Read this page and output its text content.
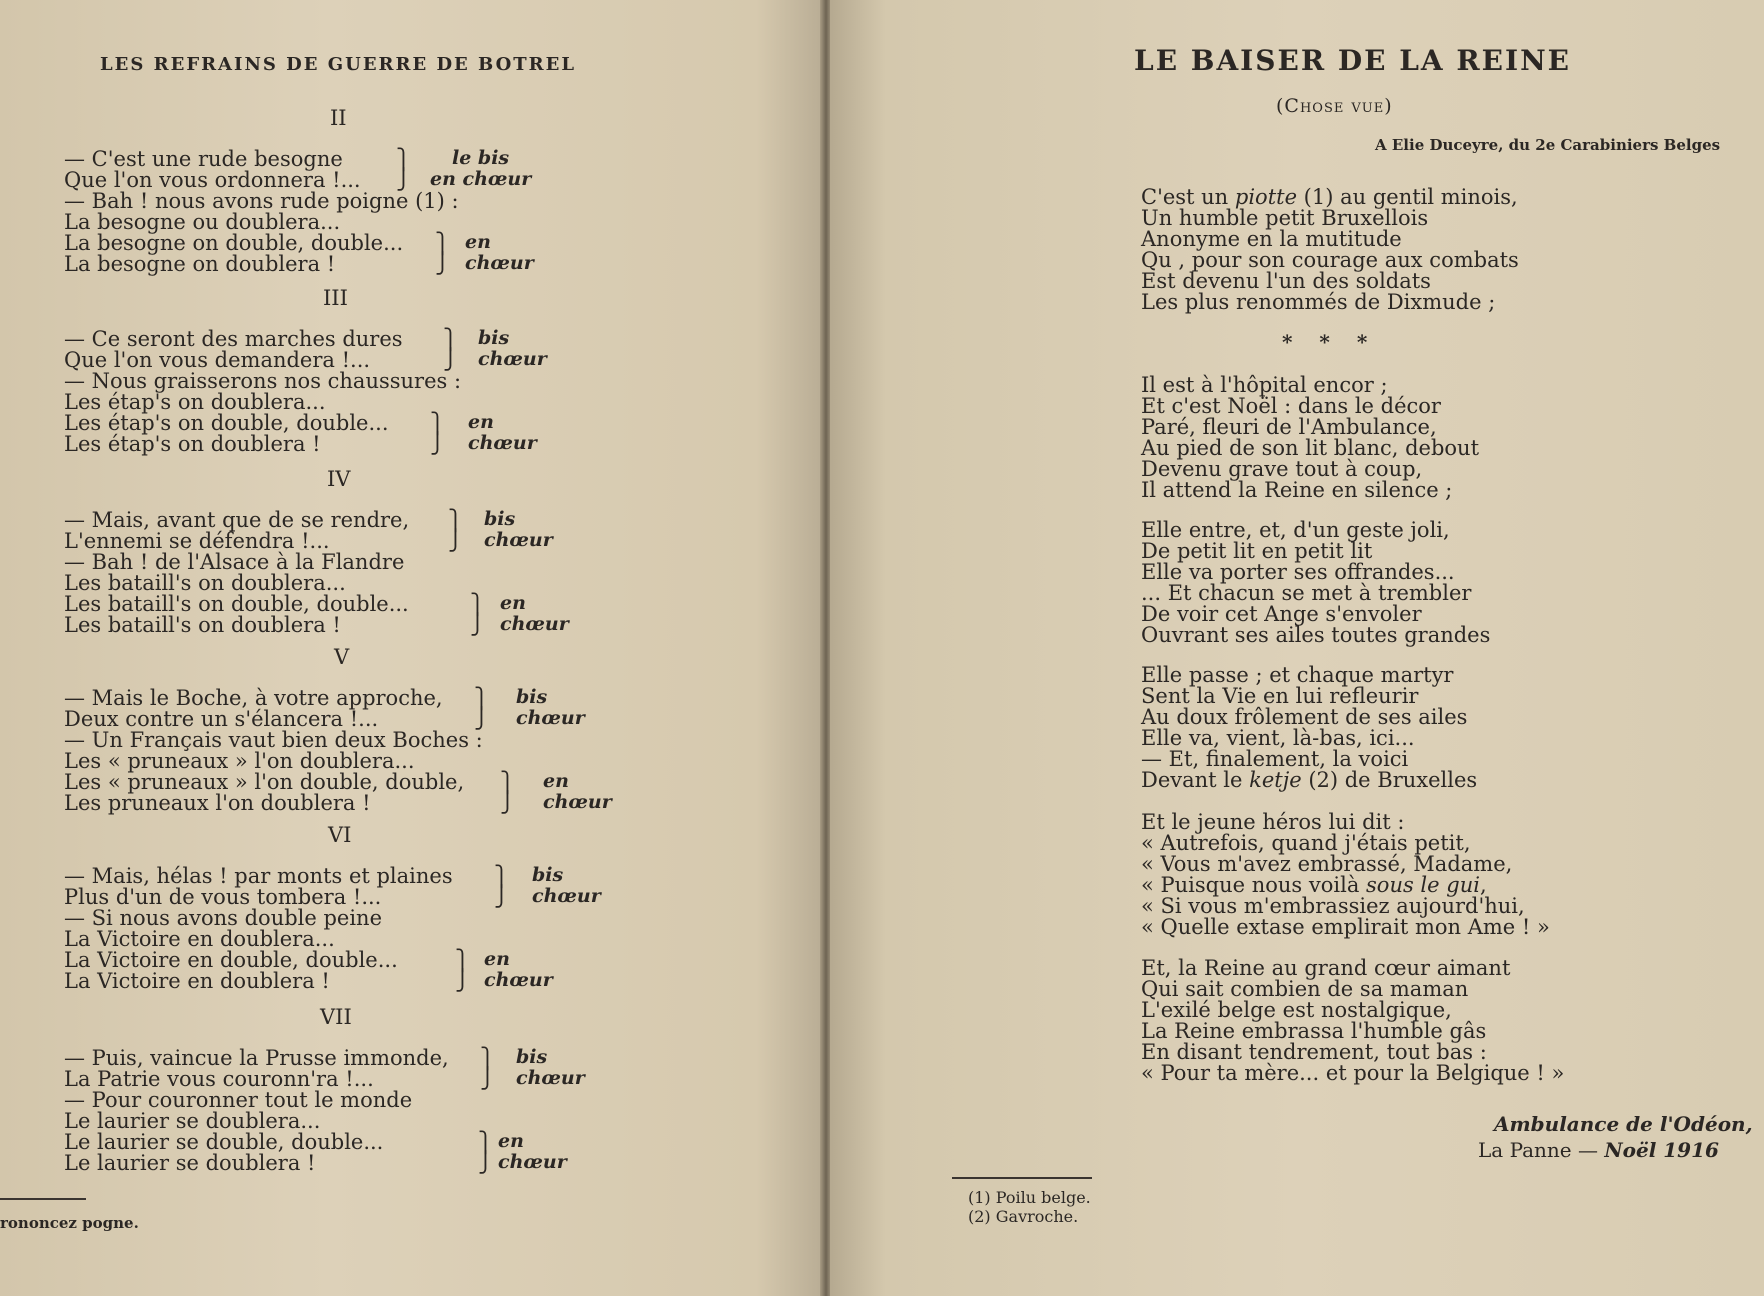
LES REFRAINS DE GUERRE DE BOTREL
II
— C'est une rude besogne
Que l'on vous ordonnera !...
— Bah ! nous avons rude poigne (1) :
La besogne ou doublera...
La besogne on double, double...
La besogne on doublera !
⎫
⎭
le bis
en chœur
⎫
⎭
en
chœur
III
— Ce seront des marches dures
Que l'on vous demandera !...
— Nous graisserons nos chaussures :
Les étap's on doublera...
Les étap's on double, double...
Les étap's on doublera !
⎫
⎭
bis
chœur
⎫
⎭
en
chœur
IV
— Mais, avant que de se rendre,
L'ennemi se défendra !...
— Bah ! de l'Alsace à la Flandre
Les bataill's on doublera...
Les bataill's on double, double...
Les bataill's on doublera !
⎫
⎭
bis
chœur
⎫
⎭
en
chœur
V
— Mais le Boche, à votre approche,
Deux contre un s'élancera !...
— Un Français vaut bien deux Boches :
Les « pruneaux » l'on doublera...
Les « pruneaux » l'on double, double,
Les pruneaux l'on doublera !
⎫
⎭
bis
chœur
⎫
⎭
en
chœur
VI
— Mais, hélas ! par monts et plaines
Plus d'un de vous tombera !...
— Si nous avons double peine
La Victoire en doublera...
La Victoire en double, double...
La Victoire en doublera !
⎫
⎭
bis
chœur
⎫
⎭
en
chœur
VII
— Puis, vaincue la Prusse immonde,
La Patrie vous couronn'ra !...
— Pour couronner tout le monde
Le laurier se doublera...
Le laurier se double, double...
Le laurier se doublera !
⎫
⎭
bis
chœur
⎫
⎭
en
chœur
rononcez pogne.
LE BAISER DE LA REINE
(Chose vue)
A Elie Duceyre, du 2e Carabiniers Belges
C'est un piotte (1) au gentil minois,
Un humble petit Bruxellois
Anonyme en la mutitude
Qu , pour son courage aux combats
Est devenu l'un des soldats
Les plus renommés de Dixmude ;
Il est à l'hôpital encor ;
Et c'est Noël : dans le décor
Paré, fleuri de l'Ambulance,
Au pied de son lit blanc, debout
Devenu grave tout à coup,
Il attend la Reine en silence ;
Elle entre, et, d'un geste joli,
De petit lit en petit lit
Elle va porter ses offrandes...
... Et chacun se met à trembler
De voir cet Ange s'envoler
Ouvrant ses ailes toutes grandes
Elle passe ; et chaque martyr
Sent la Vie en lui refleurir
Au doux frôlement de ses ailes
Elle va, vient, là-bas, ici...
— Et, finalement, la voici
Devant le ketje (2) de Bruxelles
Et le jeune héros lui dit :
« Autrefois, quand j'étais petit,
« Vous m'avez embrassé, Madame,
« Puisque nous voilà sous le gui,
« Si vous m'embrassiez aujourd'hui,
« Quelle extase emplirait mon Ame ! »
Et, la Reine au grand cœur aimant
Qui sait combien de sa maman
L'exilé belge est nostalgique,
La Reine embrassa l'humble gâs
En disant tendrement, tout bas :
« Pour ta mère... et pour la Belgique ! »
* * *
Ambulance de l'Odéon,
La Panne — Noël 1916
(1) Poilu belge.
(2) Gavroche.
